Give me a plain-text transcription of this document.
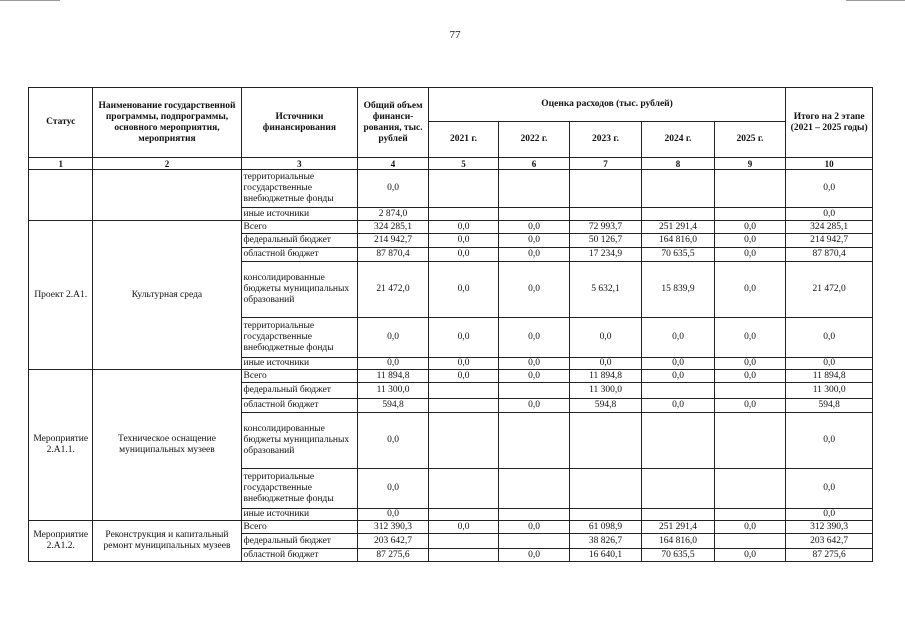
77
Статус	Наименование государственной программы, подпрограммы, основного мероприятия, мероприятия	Источники финансирования	Общий объем финанси-рования, тыс. рублей	Оценка расходов (тыс. рублей)					Итого на 2 этапе (2021 – 2025 годы)
				2021 г.	2022 г.	2023 г.	2024 г.	2025 г.	
1	2	3	4	5	6	7	8	9	10
		территориальные государственные внебюджетные фонды	0,0						0,0
		иные источники	2 874,0						0,0
Проект 2.А1.	Культурная среда	Всего	324 285,1	0,0	0,0	72 993,7	251 291,4	0,0	324 285,1
		федеральный бюджет	214 942,7	0,0	0,0	50 126,7	164 816,0	0,0	214 942,7
		областной бюджет	87 870,4	0,0	0,0	17 234,9	70 635,5	0,0	87 870,4
		консолидированные бюджеты муниципальных образований	21 472,0	0,0	0,0	5 632,1	15 839,9	0,0	21 472,0
		территориальные государственные внебюджетные фонды	0,0	0,0	0,0	0,0	0,0	0,0	0,0
		иные источники	0,0	0,0	0,0	0,0	0,0	0,0	0,0
Мероприятие 2.А1.1.	Техническое оснащение муниципальных музеев	Всего	11 894,8	0,0	0,0	11 894,8	0,0	0,0	11 894,8
		федеральный бюджет	11 300,0			11 300,0			11 300,0
		областной бюджет	594,8		0,0	594,8	0,0	0,0	594,8
		консолидированные бюджеты муниципальных образований	0,0						0,0
		территориальные государственные внебюджетные фонды	0,0						0,0
		иные источники	0,0						0,0
Мероприятие 2.А1.2.	Реконструкция и капитальный ремонт муниципальных музеев	Всего	312 390,3	0,0	0,0	61 098,9	251 291,4	0,0	312 390,3
		федеральный бюджет	203 642,7			38 826,7	164 816,0		203 642,7
		областной бюджет	87 275,6		0,0	16 640,1	70 635,5	0,0	87 275,6
